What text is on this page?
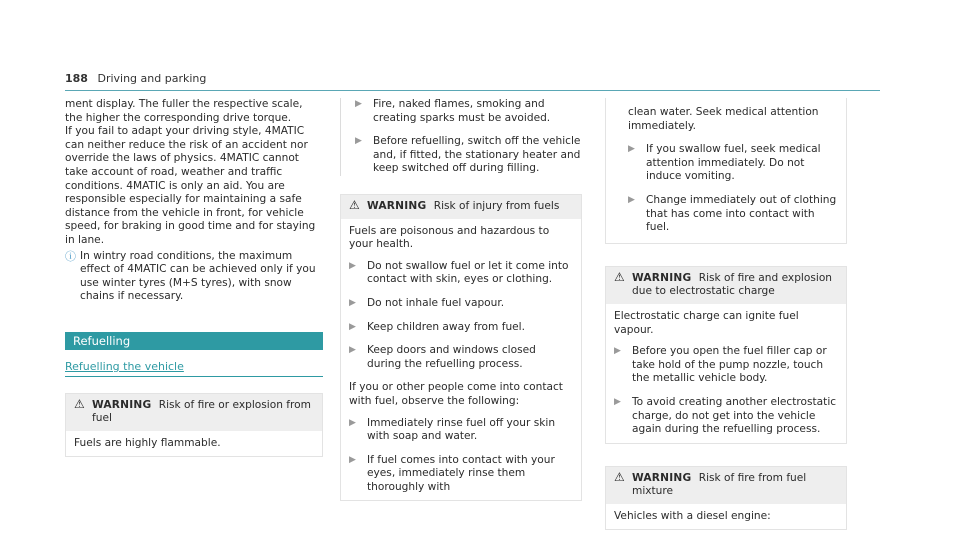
188 Driving and parking

ment display. The fuller the respective scale, the higher the corresponding drive torque.

If you fail to adapt your driving style, 4MATIC can neither reduce the risk of an accident nor override the laws of physics. 4MATIC cannot take account of road, weather and traffic conditions. 4MATIC is only an aid. You are responsible especially for maintaining a safe distance from the vehicle in front, for vehicle speed, for braking in good time and for staying in lane.

ⓘ In wintry road conditions, the maximum effect of 4MATIC can be achieved only if you use winter tyres (M+S tyres), with snow chains if necessary.
Refuelling
Refuelling the vehicle
⚠ WARNING Risk of fire or explosion from fuel

Fuels are highly flammable.

▶ Fire, naked flames, smoking and creating sparks must be avoided.
▶ Before refuelling, switch off the vehicle and, if fitted, the stationary heater and keep switched off during filling.
⚠ WARNING Risk of injury from fuels

Fuels are poisonous and hazardous to your health.

▶ Do not swallow fuel or let it come into contact with skin, eyes or clothing.
▶ Do not inhale fuel vapour.
▶ Keep children away from fuel.
▶ Keep doors and windows closed during the refuelling process.

If you or other people come into contact with fuel, observe the following:

▶ Immediately rinse fuel off your skin with soap and water.
▶ If fuel comes into contact with your eyes, immediately rinse them thoroughly with

clean water. Seek medical attention immediately.

▶ If you swallow fuel, seek medical attention immediately. Do not induce vomiting.
▶ Change immediately out of clothing that has come into contact with fuel.
⚠ WARNING Risk of fire and explosion due to electrostatic charge

Electrostatic charge can ignite fuel vapour.

▶ Before you open the fuel filler cap or take hold of the pump nozzle, touch the metallic vehicle body.
▶ To avoid creating another electrostatic charge, do not get into the vehicle again during the refuelling process.
⚠ WARNING Risk of fire from fuel mixture

Vehicles with a diesel engine:
